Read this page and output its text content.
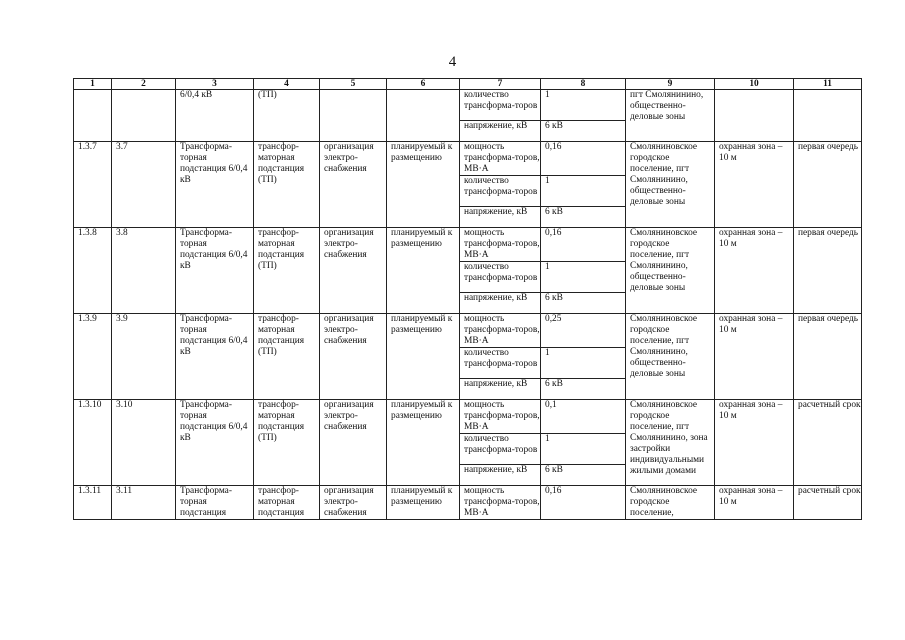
4
1	2	3	4	5	6	7	8	9	10	11
		6/0,4 кВ	(ТП)			количество трансформа-торов	1	пгт Смолянинино, общественно-деловые зоны		
						напряжение, кВ	6 кВ			
1.3.7	3.7	Трансформа-торная подстанция 6/0,4 кВ	трансфор-маторная подстанция (ТП)	организация электро-снабжения	планируемый к размещению	мощность трансформа-торов, МВ·А	0,16	Смоляниновское городское поселение, пгт Смолянинино, общественно-деловые зоны	охранная зона – 10 м	первая очередь
						количество трансформа-торов	1			
						напряжение, кВ	6 кВ			
1.3.8	3.8	Трансформа-торная подстанция 6/0,4 кВ	трансфор-маторная подстанция (ТП)	организация электро-снабжения	планируемый к размещению	мощность трансформа-торов, МВ·А	0,16	Смоляниновское городское поселение, пгт Смолянинино, общественно-деловые зоны	охранная зона – 10 м	первая очередь
						количество трансформа-торов	1			
						напряжение, кВ	6 кВ			
1.3.9	3.9	Трансформа-торная подстанция 6/0,4 кВ	трансфор-маторная подстанция (ТП)	организация электро-снабжения	планируемый к размещению	мощность трансформа-торов, МВ·А	0,25	Смоляниновское городское поселение, пгт Смолянинино, общественно-деловые зоны	охранная зона – 10 м	первая очередь
						количество трансформа-торов	1			
						напряжение, кВ	6 кВ			
1.3.10	3.10	Трансформа-торная подстанция 6/0,4 кВ	трансфор-маторная подстанция (ТП)	организация электро-снабжения	планируемый к размещению	мощность трансформа-торов, МВ·А	0,1	Смоляниновское городское поселение, пгт Смолянинино, зона застройки индивидуальными жилыми домами	охранная зона – 10 м	расчетный срок
						количество трансформа-торов	1			
						напряжение, кВ	6 кВ			
1.3.11	3.11	Трансформа-торная подстанция	трансфор-маторная подстанция	организация электро-снабжения	планируемый к размещению	мощность трансформа-торов, МВ·А	0,16	Смоляниновское городское поселение,	охранная зона – 10 м	расчетный срок
